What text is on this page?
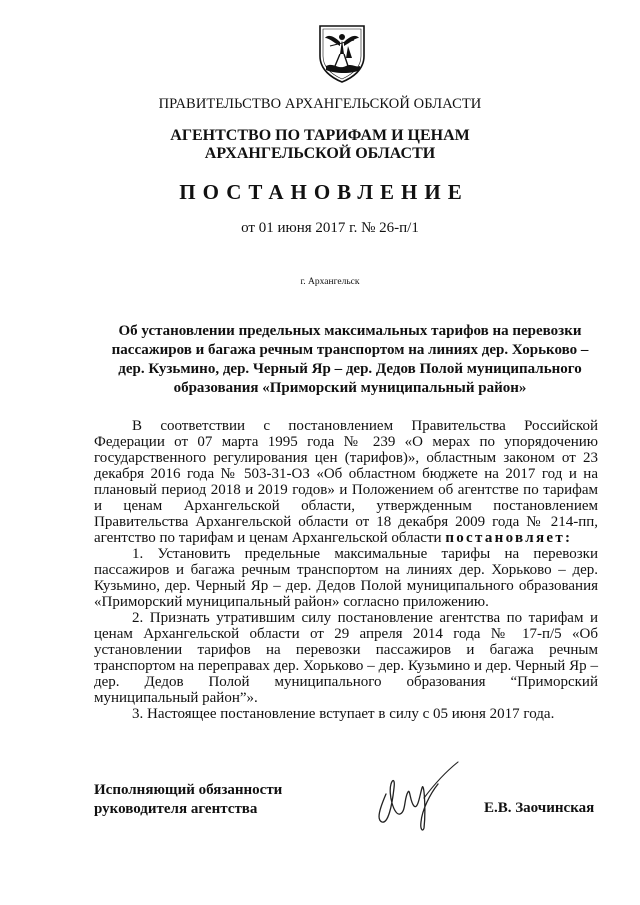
ПРАВИТЕЛЬСТВО АРХАНГЕЛЬСКОЙ ОБЛАСТИ
АГЕНТСТВО ПО ТАРИФАМ И ЦЕНАМ
АРХАНГЕЛЬСКОЙ ОБЛАСТИ
ПОСТАНОВЛЕНИЕ
от 01 июня 2017 г. № 26-п/1
г. Архангельск
Об установлении предельных максимальных тарифов на перевозки пассажиров и багажа речным транспортом на линиях дер. Хорьково – дер. Кузьмино, дер. Черный Яр – дер. Дедов Полой муниципального образования «Приморский муниципальный район»

В соответствии с постановлением Правительства Российской Федерации от 07 марта 1995 года № 239 «О мерах по упорядочению государственного регулирования цен (тарифов)», областным законом от 23 декабря 2016 года № 503-31-ОЗ «Об областном бюджете на 2017 год и на плановый период 2018 и 2019 годов» и Положением об агентстве по тарифам и ценам Архангельской области, утвержденным постановлением Правительства Архангельской области от 18 декабря 2009 года № 214-пп, агентство по тарифам и ценам Архангельской области постановляет:

1. Установить предельные максимальные тарифы на перевозки пассажиров и багажа речным транспортом на линиях дер. Хорьково – дер. Кузьмино, дер. Черный Яр – дер. Дедов Полой муниципального образования «Приморский муниципальный район» согласно приложению.

2. Признать утратившим силу постановление агентства по тарифам и ценам Архангельской области от 29 апреля 2014 года № 17-п/5 «Об установлении тарифов на перевозки пассажиров и багажа речным транспортом на переправах дер. Хорьково – дер. Кузьмино и дер. Черный Яр – дер. Дедов Полой муниципального образования “Приморский муниципальный район”».

3. Настоящее постановление вступает в силу с 05 июня 2017 года.

Исполняющий обязанности
руководителя агентства	Е.В. Заочинская
